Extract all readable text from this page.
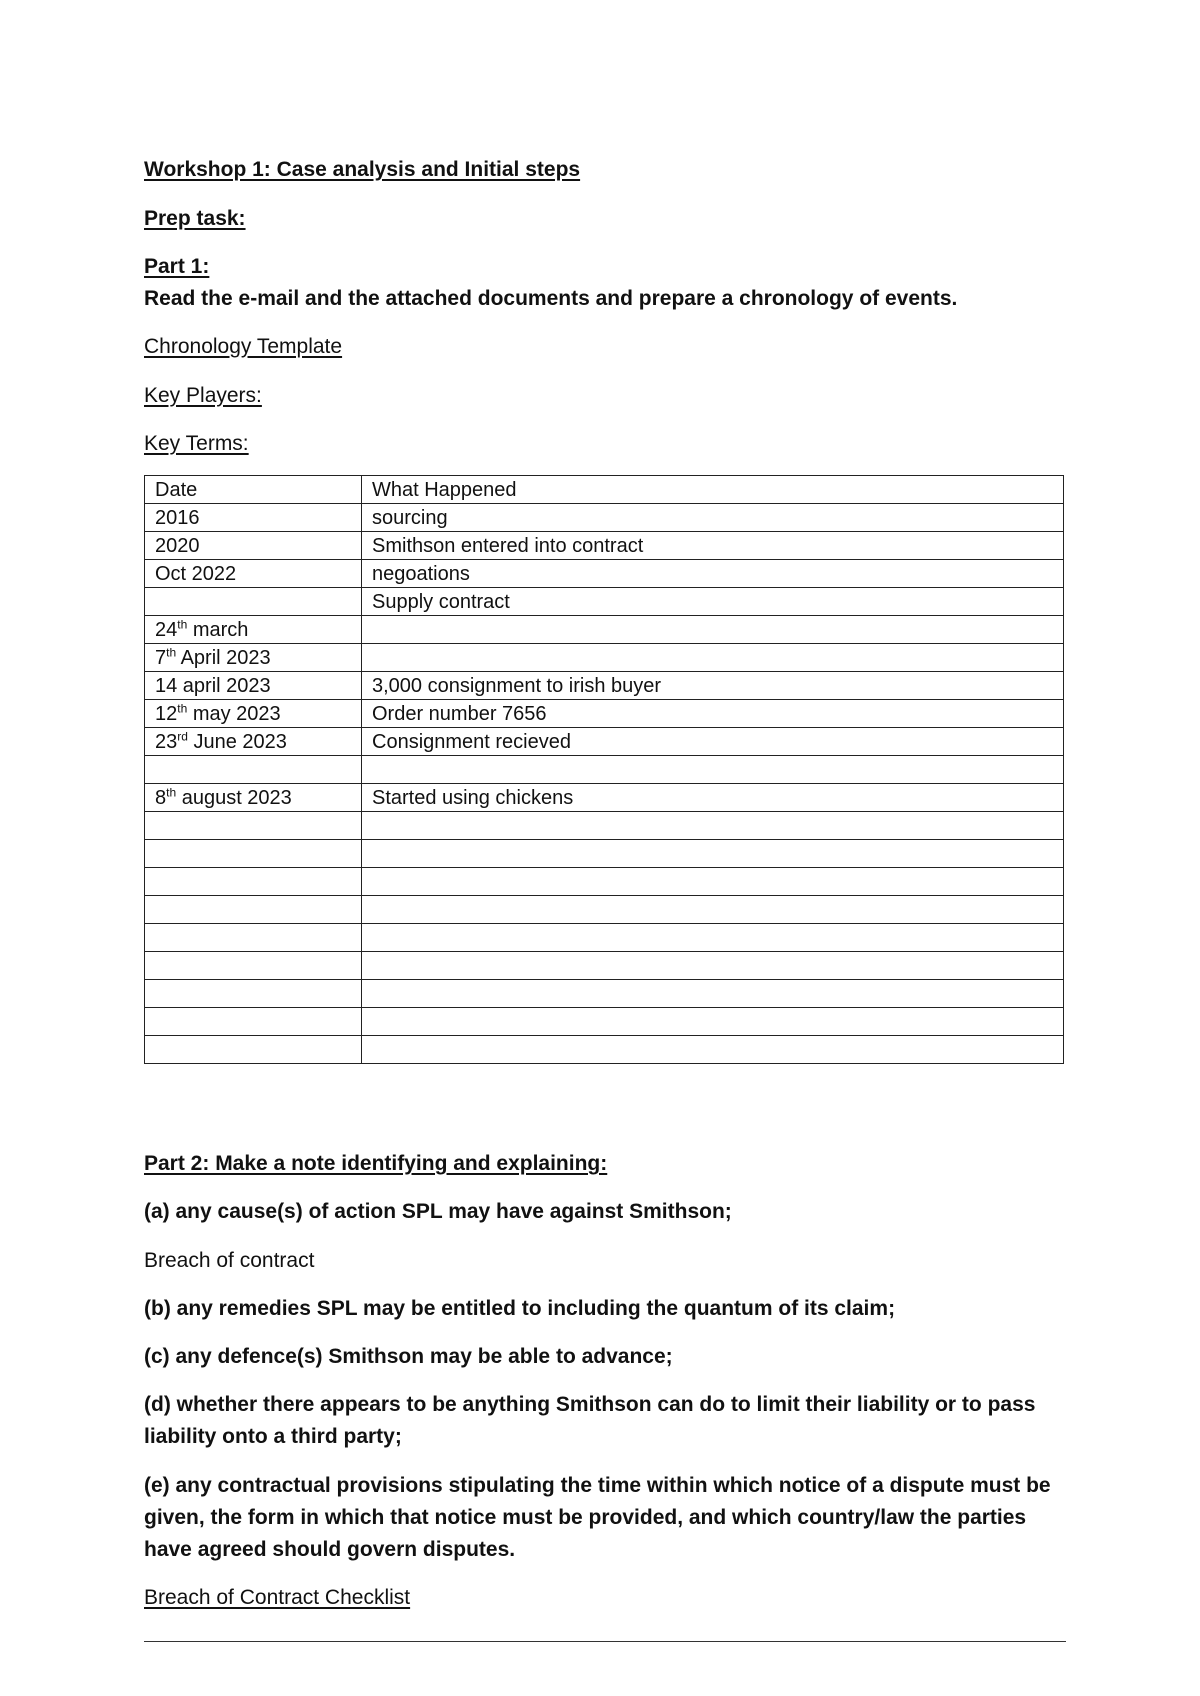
Workshop 1: Case analysis and Initial steps
Prep task:
Part 1:
Read the e-mail and the attached documents and prepare a chronology of events.
Chronology Template
Key Players:
Key Terms:
Date	What Happened
2016	sourcing
2020	Smithson entered into contract
Oct 2022	negoations
	Supply contract
24th march	
7th April 2023	
14 april 2023	3,000 consignment to irish buyer
12th may 2023	Order number 7656
23rd June 2023	Consignment recieved

8th august 2023	Started using chickens

Part 2: Make a note identifying and explaining:
(a) any cause(s) of action SPL may have against Smithson;
Breach of contract
(b) any remedies SPL may be entitled to including the quantum of its claim;
(c) any defence(s) Smithson may be able to advance;
(d) whether there appears to be anything Smithson can do to limit their liability or to pass liability onto a third party;
(e) any contractual provisions stipulating the time within which notice of a dispute must be given, the form in which that notice must be provided, and which country/law the parties have agreed should govern disputes.
Breach of Contract Checklist
